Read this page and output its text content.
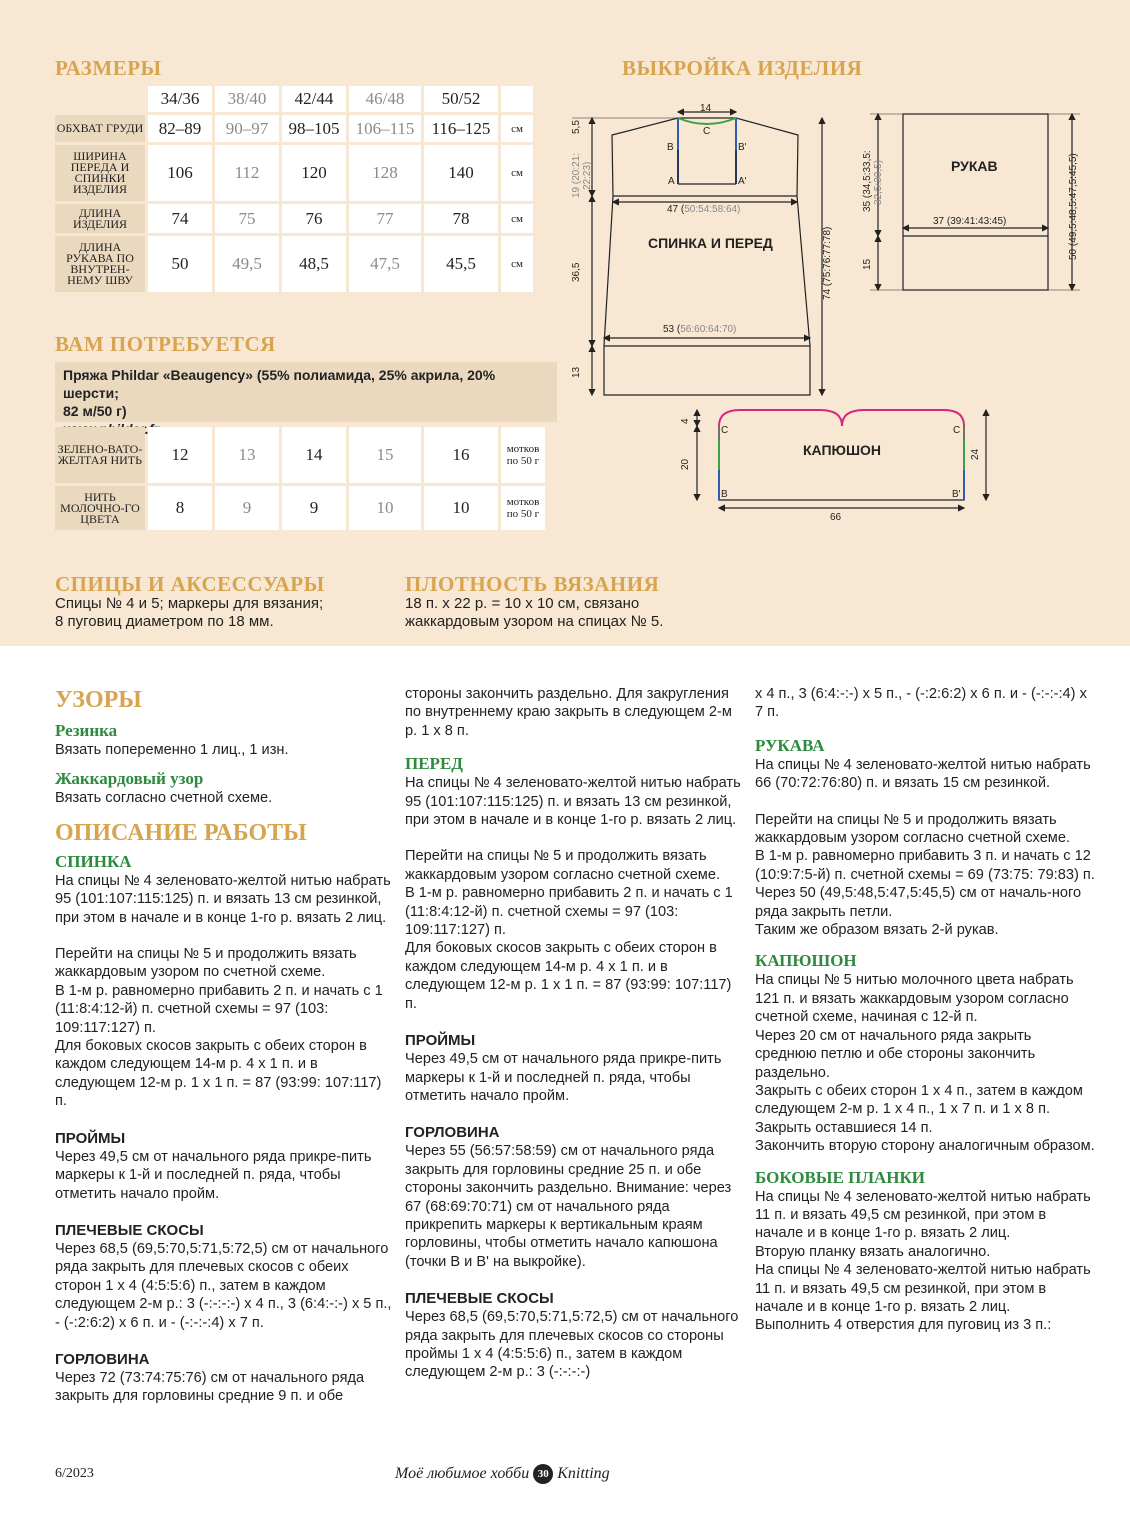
РАЗМЕРЫ
	34/36	38/40	42/44	46/48	50/52	
ОБХВАТ ГРУДИ	82–89	90–97	98–105	106–115	116–125	см
ШИРИНА ПЕРЕДА И СПИНКИ ИЗДЕЛИЯ	106	112	120	128	140	см
ДЛИНА ИЗДЕЛИЯ	74	75	76	77	78	см
ДЛИНА РУКАВА ПО ВНУТРЕН-НЕМУ ШВУ	50	49,5	48,5	47,5	45,5	см
ВАМ ПОТРЕБУЕТСЯ
Пряжа Phildar «Beaugency» (55% полиамида, 25% акрила, 20% шерсти;
82 м/50 г)
ЗЕЛЕНО-ВАТО-ЖЕЛТАЯ НИТЬ	12	13	14	15	16	мотков по 50 г
НИТЬ МОЛОЧНО-ГО ЦВЕТА	8	9	9	10	10	мотков по 50 г
СПИЦЫ И АКСЕССУАРЫ
Спицы № 4 и 5; маркеры для вязания;
8 пуговиц диаметром по 18 мм.
ПЛОТНОСТЬ ВЯЗАНИЯ
18 п. х 22 р. = 10 х 10 см, связано
жаккардовым узором на спицах № 5.
ВЫКРОЙКА ИЗДЕЛИЯ
14
C
B	B'
A	A'
47 (50:54:58:64)
53 (56:60:64:70)
5,5
19 (20:21: 22:23)
36,5
13
74 (75:76:77:78)
37 (39:41:43:45)
35 (34,5:33,5: 32,5:30,5)
15
50 (49,5:48,5:47,5:45,5)
4
20
24
66
C	C
B	B'
СПИНКА И ПЕРЕД
РУКАВ
КАПЮШОН
УЗОРЫ
Резинка

Вязать попеременно 1 лиц., 1 изн.

Жаккардовый узор

Вязать согласно счетной схеме.

ОПИСАНИЕ РАБОТЫ
СПИНКА

На спицы № 4 зеленовато-желтой нитью набрать 95 (101:107:115:125) п. и вязать 13 см резинкой, при этом в начале и в конце 1-го р. вязать 2 лиц.

Перейти на спицы № 5 и продолжить вязать жаккардовым узором по счетной схеме.

В 1-м р. равномерно прибавить 2 п. и начать с 1 (11:8:4:12-й) п. счетной схемы = 97 (103: 109:117:127) п.

Для боковых скосов закрыть с обеих сторон в каждом следующем 14-м р. 4 х 1 п. и в следующем 12-м р. 1 х 1 п. = 87 (93:99: 107:117) п.

ПРОЙМЫ

Через 49,5 см от начального ряда прикре-пить маркеры к 1-й и последней п. ряда, чтобы отметить начало пройм.

ПЛЕЧЕВЫЕ СКОСЫ

Через 68,5 (69,5:70,5:71,5:72,5) см от начального ряда закрыть для плечевых скосов с обеих сторон 1 х 4 (4:5:5:6) п., затем в каждом следующем 2-м р.: 3 (-:-:-:-) х 4 п., 3 (6:4:-:-) х 5 п., - (-:2:6:2) х 6 п. и - (-:-:-:4) х 7 п.

ГОРЛОВИНА

Через 72 (73:74:75:76) см от начального ряда закрыть для горловины средние 9 п. и обе

стороны закончить раздельно. Для закругления по внутреннему краю закрыть в следующем 2-м р. 1 х 8 п.

ПЕРЕД

На спицы № 4 зеленовато-желтой нитью набрать 95 (101:107:115:125) п. и вязать 13 см резинкой, при этом в начале и в конце 1-го р. вязать 2 лиц.

Перейти на спицы № 5 и продолжить вязать жаккардовым узором согласно счетной схеме.

В 1-м р. равномерно прибавить 2 п. и начать с 1 (11:8:4:12-й) п. счетной схемы = 97 (103: 109:117:127) п.

Для боковых скосов закрыть с обеих сторон в каждом следующем 14-м р. 4 х 1 п. и в следующем 12-м р. 1 х 1 п. = 87 (93:99: 107:117) п.

ПРОЙМЫ

Через 49,5 см от начального ряда прикре-пить маркеры к 1-й и последней п. ряда, чтобы отметить начало пройм.

ГОРЛОВИНА

Через 55 (56:57:58:59) см от начального ряда закрыть для горловины средние 25 п. и обе стороны закончить раздельно. Внимание: через 67 (68:69:70:71) см от начального ряда прикрепить маркеры к вертикальным краям горловины, чтобы отметить начало капюшона (точки B и B' на выкройке).

ПЛЕЧЕВЫЕ СКОСЫ

Через 68,5 (69,5:70,5:71,5:72,5) см от начального ряда закрыть для плечевых скосов со стороны проймы 1 х 4 (4:5:5:6) п., затем в каждом следующем 2-м р.: 3 (-:-:-:-)

х 4 п., 3 (6:4:-:-) х 5 п., - (-:2:6:2) х 6 п. и - (-:-:-:4) х 7 п.

РУКАВА

На спицы № 4 зеленовато-желтой нитью набрать 66 (70:72:76:80) п. и вязать 15 см резинкой.

Перейти на спицы № 5 и продолжить вязать жаккардовым узором согласно счетной схеме.

В 1-м р. равномерно прибавить 3 п. и начать с 12 (10:9:7:5-й) п. счетной схемы = 69 (73:75: 79:83) п.

Через 50 (49,5:48,5:47,5:45,5) см от началь-ного ряда закрыть петли.

Таким же образом вязать 2-й рукав.

КАПЮШОН

На спицы № 5 нитью молочного цвета набрать 121 п. и вязать жаккардовым узором согласно счетной схеме, начиная с 12-й п.

Через 20 см от начального ряда закрыть среднюю петлю и обе стороны закончить раздельно.

Закрыть с обеих сторон 1 х 4 п., затем в каждом следующем 2-м р. 1 х 4 п., 1 х 7 п. и 1 х 8 п. Закрыть оставшиеся 14 п.

Закончить вторую сторону аналогичным образом.

БОКОВЫЕ ПЛАНКИ

На спицы № 4 зеленовато-желтой нитью набрать 11 п. и вязать 49,5 см резинкой, при этом в начале и в конце 1-го р. вязать 2 лиц.

Вторую планку вязать аналогично.

На спицы № 4 зеленовато-желтой нитью набрать 11 п. и вязать 49,5 см резинкой, при этом в начале и в конце 1-го р. вязать 2 лиц.

Выполнить 4 отверстия для пуговиц из 3 п.:

6/2023	Моё любимое хобби 30 Knitting
